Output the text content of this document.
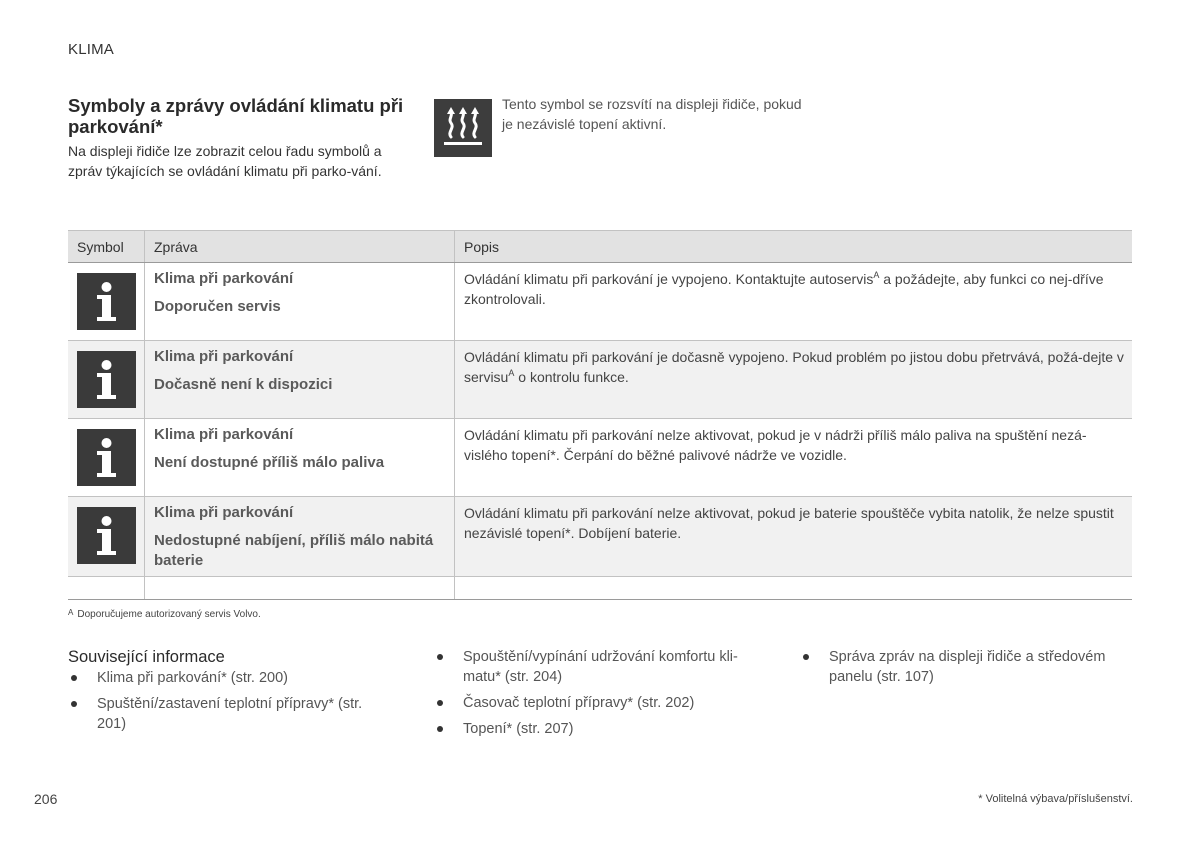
KLIMA
Symboly a zprávy ovládání klimatu při parkování*
Na displeji řidiče lze zobrazit celou řadu symbolů a zpráv týkajících se ovládání klimatu při parko-vání.
Tento symbol se rozsvítí na displeji řidiče, pokud je nezávislé topení aktivní.
Symbol Zpráva	Popis
Klima při parkování
Doporučen servis
Ovládání klimatu při parkování je vypojeno. Kontaktujte autoservis$^A$ a požádejte, aby funkci co nej-dříve zkontrolovali.
Klima při parkování
Dočasně není k dispozici
Ovládání klimatu při parkování je dočasně vypojeno. Pokud problém po jistou dobu přetrvává, požá-dejte v servisu$^A$ o kontrolu funkce.
Klima při parkování
Není dostupné příliš málo paliva
Ovládání klimatu při parkování nelze aktivovat, pokud je v nádrži příliš málo paliva na spuštění nezá-vislého topení*. Čerpání do běžné palivové nádrže ve vozidle.
Klima při parkování
Nedostupné nabíjení, příliš málo nabitá baterie
Ovládání klimatu při parkování nelze aktivovat, pokud je baterie spouštěče vybita natolik, že nelze spustit nezávislé topení*. Dobíjení baterie.
$^A$ Doporučujeme autorizovaný servis Volvo.
Související informace
Klima při parkování* (str. 200)
Spuštění/zastavení teplotní přípravy* (str. 201)
Spouštění/vypínání udržování komfortu kli-matu* (str. 204)
Časovač teplotní přípravy* (str. 202)
Topení* (str. 207)
Správa zpráv na displeji řidiče a středovém panelu (str. 107)
206	* Volitelná výbava/příslušenství.
